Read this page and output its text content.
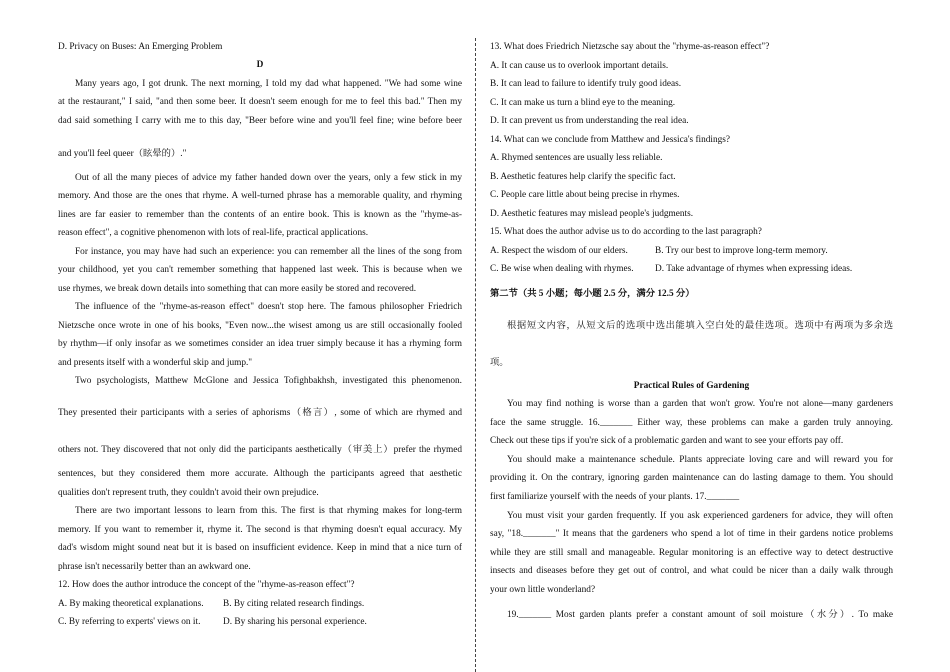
D. Privacy on Buses: An Emerging Problem
D
Many years ago, I got drunk. The next morning, I told my dad what happened. "We had some wine
at the restaurant," I said, "and then some beer. It doesn't seem enough for me to feel this bad." Then my
dad said something I carry with me to this day, "Beer before wine and you'll feel fine; wine before beer
and you'll feel queer（眩晕的）."
Out of all the many pieces of advice my father handed down over the years, only a few stick in my
memory. And those are the ones that rhyme. A well-turned phrase has a memorable quality, and rhyming
lines are far easier to remember than the contents of an entire book. This is known as the "rhyme-as-
reason effect", a cognitive phenomenon with lots of real-life, practical applications.
For instance, you may have had such an experience: you can remember all the lines of the song from
your childhood, yet you can't remember something that happened last week. This is because when we
use rhymes, we break down details into something that can more easily be stored and recovered.
The influence of the "rhyme-as-reason effect" doesn't stop here. The famous philosopher Friedrich
Nietzsche once wrote in one of his books, "Even now...the wisest among us are still occasionally fooled
by rhythm—if only insofar as we sometimes consider an idea truer simply because it has a rhyming form
and presents itself with a wonderful skip and jump."
Two psychologists, Matthew McGlone and Jessica Tofighbakhsh, investigated this phenomenon.
They presented their participants with a series of aphorisms（格言）, some of which are rhymed and
others not. They discovered that not only did the participants aesthetically（审美上）prefer the rhymed
sentences, but they considered them more accurate. Although the participants agreed that aesthetic
qualities don't represent truth, they couldn't avoid their own prejudice.
There are two important lessons to learn from this. The first is that rhyming makes for long-term
memory. If you want to remember it, rhyme it. The second is that rhyming doesn't equal accuracy. My
dad's wisdom might sound neat but it is based on insufficient evidence. Keep in mind that a nice turn of
phrase isn't necessarily better than an awkward one.
12. How does the author introduce the concept of the "rhyme-as-reason effect"?
A. By making theoretical explanations. B. By citing related research findings.
C. By referring to experts' views on it. D. By sharing his personal experience.
13. What does Friedrich Nietzsche say about the "rhyme-as-reason effect"?
A. It can cause us to overlook important details.
B. It can lead to failure to identify truly good ideas.
C. It can make us turn a blind eye to the meaning.
D. It can prevent us from understanding the real idea.
14. What can we conclude from Matthew and Jessica's findings?
A. Rhymed sentences are usually less reliable.
B. Aesthetic features help clarify the specific fact.
C. People care little about being precise in rhymes.
D. Aesthetic features may mislead people's judgments.
15. What does the author advise us to do according to the last paragraph?
A. Respect the wisdom of our elders.	B. Try our best to improve long-term memory.
C. Be wise when dealing with rhymes. D. Take advantage of rhymes when expressing ideas.
第二节（共 5 小题；每小题 2.5 分，满分 12.5 分）
根据短文内容，从短文后的选项中选出能填入空白处的最佳选项。选项中有两项为多余选
项。
Practical Rules of Gardening
You may find nothing is worse than a garden that won't grow. You're not alone—many gardeners
face the same struggle. 16._______ Either way, these problems can make a garden truly annoying.
Check out these tips if you're sick of a problematic garden and want to see your efforts pay off.
You should make a maintenance schedule. Plants appreciate loving care and will reward you for
providing it. On the contrary, ignoring garden maintenance can do lasting damage to them. You should
first familiarize yourself with the needs of your plants. 17._______
You must visit your garden frequently. If you ask experienced gardeners for advice, they will often
say, "18._______" It means that the gardeners who spend a lot of time in their gardens notice problems
while they are still small and manageable. Regular monitoring is an effective way to detect destructive
insects and diseases before they get out of control, and what could be nicer than a daily walk through
your own little wonderland?
19._______ Most garden plants prefer a constant amount of soil moisture（水分）. To make
